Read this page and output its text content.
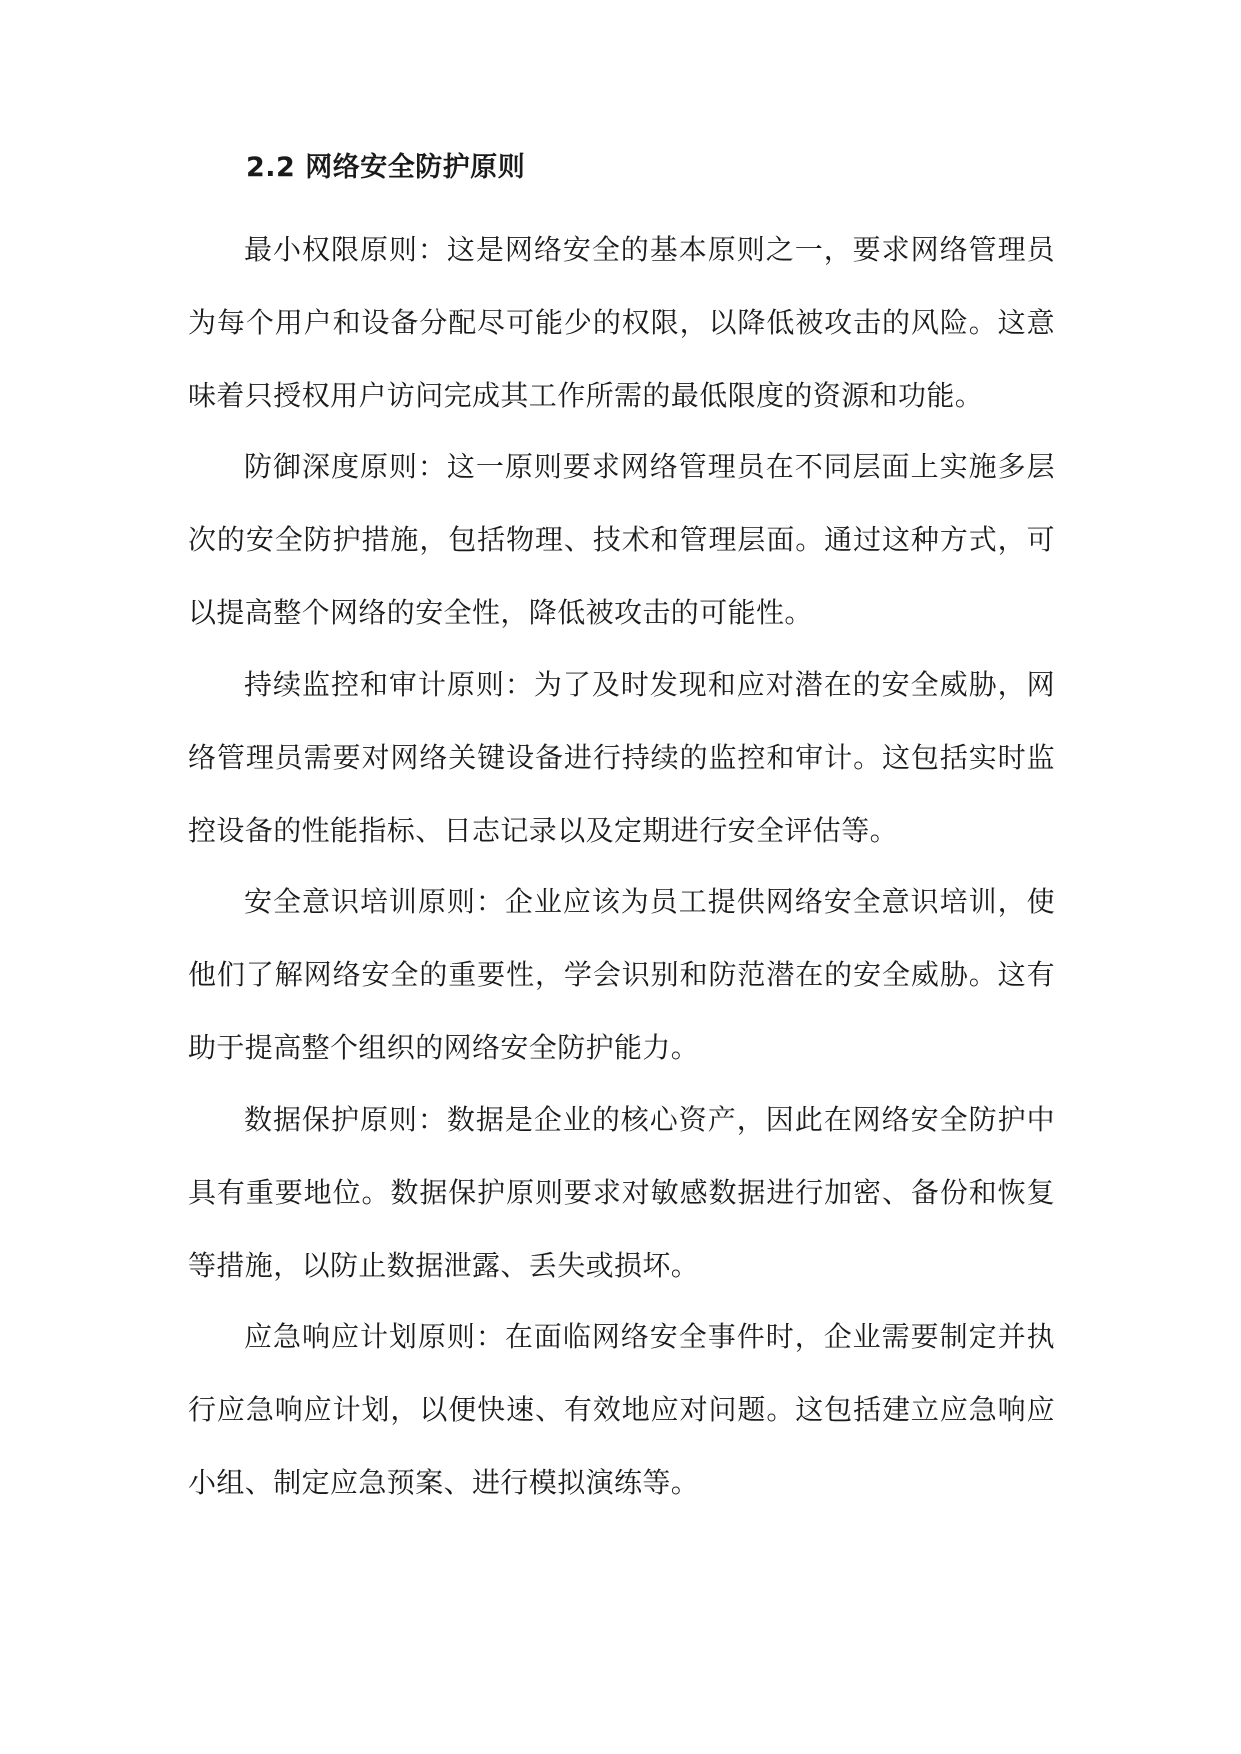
2.2 网络安全防护原则

最小权限原则：这是网络安全的基本原则之一，要求网络管理员为每个用户和设备分配尽可能少的权限，以降低被攻击的风险。这意味着只授权用户访问完成其工作所需的最低限度的资源和功能。

防御深度原则：这一原则要求网络管理员在不同层面上实施多层次的安全防护措施，包括物理、技术和管理层面。通过这种方式，可以提高整个网络的安全性，降低被攻击的可能性。

持续监控和审计原则：为了及时发现和应对潜在的安全威胁，网络管理员需要对网络关键设备进行持续的监控和审计。这包括实时监控设备的性能指标、日志记录以及定期进行安全评估等。

安全意识培训原则：企业应该为员工提供网络安全意识培训，使他们了解网络安全的重要性，学会识别和防范潜在的安全威胁。这有助于提高整个组织的网络安全防护能力。

数据保护原则：数据是企业的核心资产，因此在网络安全防护中具有重要地位。数据保护原则要求对敏感数据进行加密、备份和恢复等措施，以防止数据泄露、丢失或损坏。

应急响应计划原则：在面临网络安全事件时，企业需要制定并执行应急响应计划，以便快速、有效地应对问题。这包括建立应急响应小组、制定应急预案、进行模拟演练等。
